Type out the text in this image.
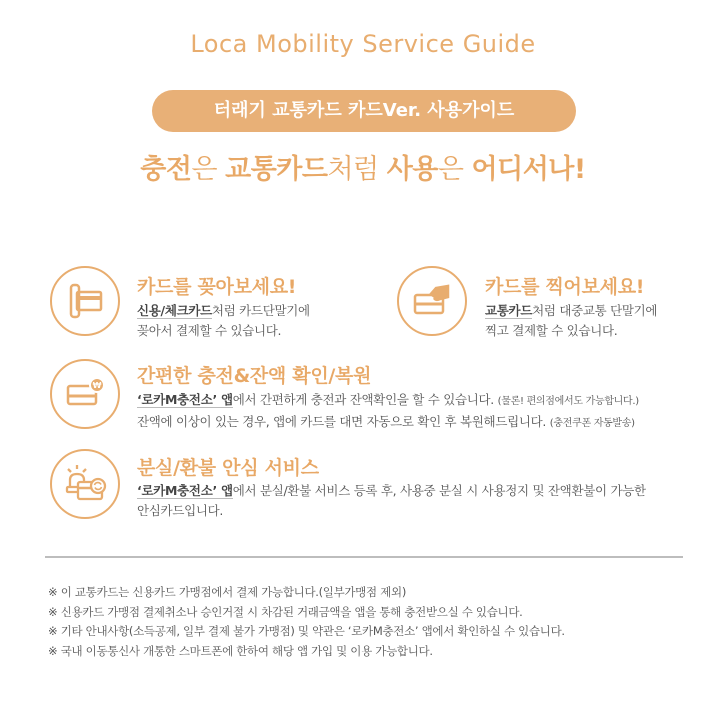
Loca Mobility Service Guide
터래기 교통카드 카드Ver. 사용가이드
충전은 교통카드처럼 사용은 어디서나!
카드를 꽂아보세요!
신용/체크카드처럼 카드단말기에
꽂아서 결제할 수 있습니다.
카드를 찍어보세요!
교통카드처럼 대중교통 단말기에
찍고 결제할 수 있습니다.
₩ 간편한 충전&잔액 확인/복원
‘로카M충전소’ 앱에서 간편하게 충전과 잔액확인을 할 수 있습니다. (물론! 편의점에서도 가능합니다.)
잔액에 이상이 있는 경우, 앱에 카드를 대면 자동으로 확인 후 복원해드립니다. (충전쿠폰 자동발송)
분실/환불 안심 서비스
‘로카M충전소’ 앱에서 분실/환불 서비스 등록 후, 사용중 분실 시 사용정지 및 잔액환불이 가능한
안심카드입니다.
※ 이 교통카드는 신용카드 가맹점에서 결제 가능합니다.(일부가맹점 제외)
※ 신용카드 가맹점 결제취소나 승인거절 시 차감된 거래금액을 앱을 통해 충전받으실 수 있습니다.
※ 기타 안내사항(소득공제, 일부 결제 불가 가맹점) 및 약관은 ‘로카M충전소’ 앱에서 확인하실 수 있습니다.
※ 국내 이동통신사 개통한 스마트폰에 한하여 해당 앱 가입 및 이용 가능합니다.
